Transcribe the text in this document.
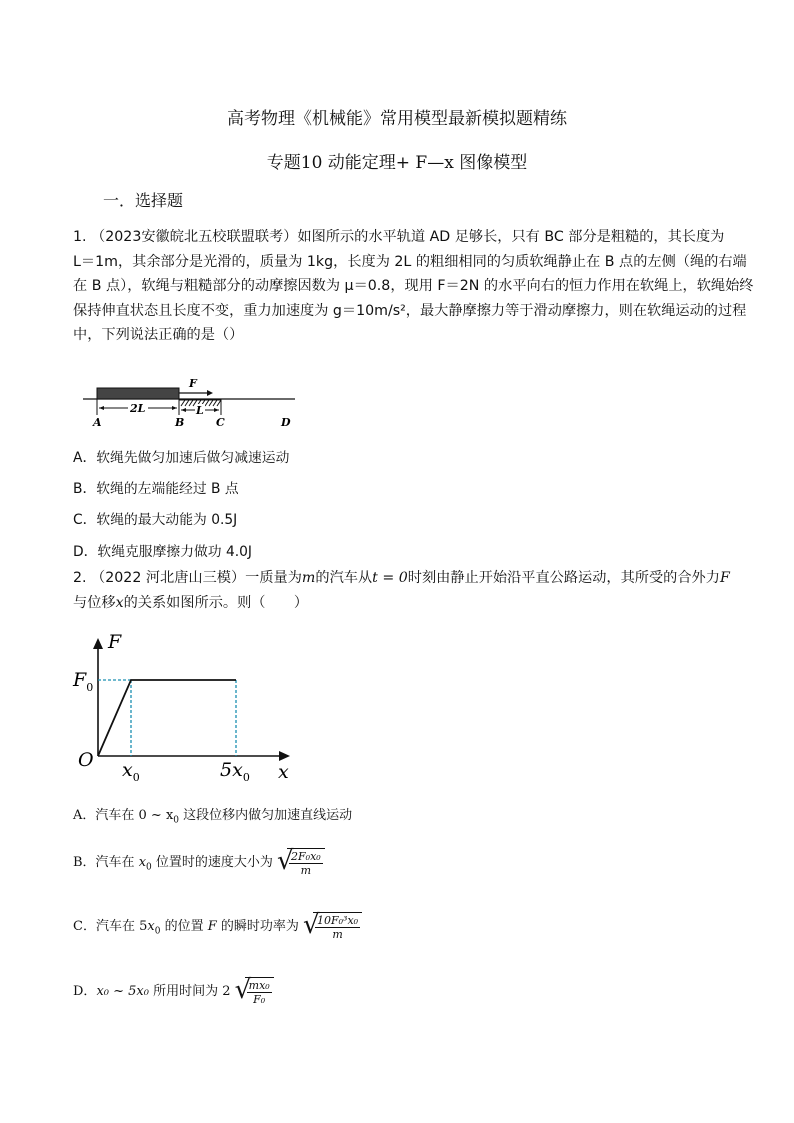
高考物理《机械能》常用模型最新模拟题精练
专题10 动能定理+ F—x 图像模型
一．选择题
1. （2023安徽皖北五校联盟联考）如图所示的水平轨道 AD 足够长，只有 BC 部分是粗糙的，其长度为
L＝1m，其余部分是光滑的，质量为 1kg，长度为 2L 的粗细相同的匀质软绳静止在 B 点的左侧（绳的右端
在 B 点），软绳与粗糙部分的动摩擦因数为 μ＝0.8，现用 F＝2N 的水平向右的恒力作用在软绳上，软绳始终
保持伸直状态且长度不变，重力加速度为 g＝10m/s²，最大静摩擦力等于滑动摩擦力，则在软绳运动的过程
中，下列说法正确的是（）
F
2L	L
A	B	C	D
A．软绳先做匀加速后做匀减速运动
B．软绳的左端能经过 B 点
C．软绳的最大动能为 0.5J
D．软绳克服摩擦力做功 4.0J
2. （2022 河北唐山三模）一质量为m的汽车从t = 0时刻由静止开始沿平直公路运动，其所受的合外力F
与位移x的关系如图所示。则（　　）
F
x
O
$F_0$
$x_0$	$5x_0$
A．汽车在 0 ~ $x_0$ 这段位移内做匀加速直线运动
B．汽车在 $x_0$ 位置时的速度大小为 √
$\frac{\text{2F₀x₀}}{m}$
C．汽车在 $5x_0$ 的位置 F 的瞬时功率为 √
$\frac{\text{10F₀³x₀}}{m}$
D．x₀ ~ 5x₀ 所用时间为 2 √
$\frac{\text{mx₀}}{\text{F₀}}$
